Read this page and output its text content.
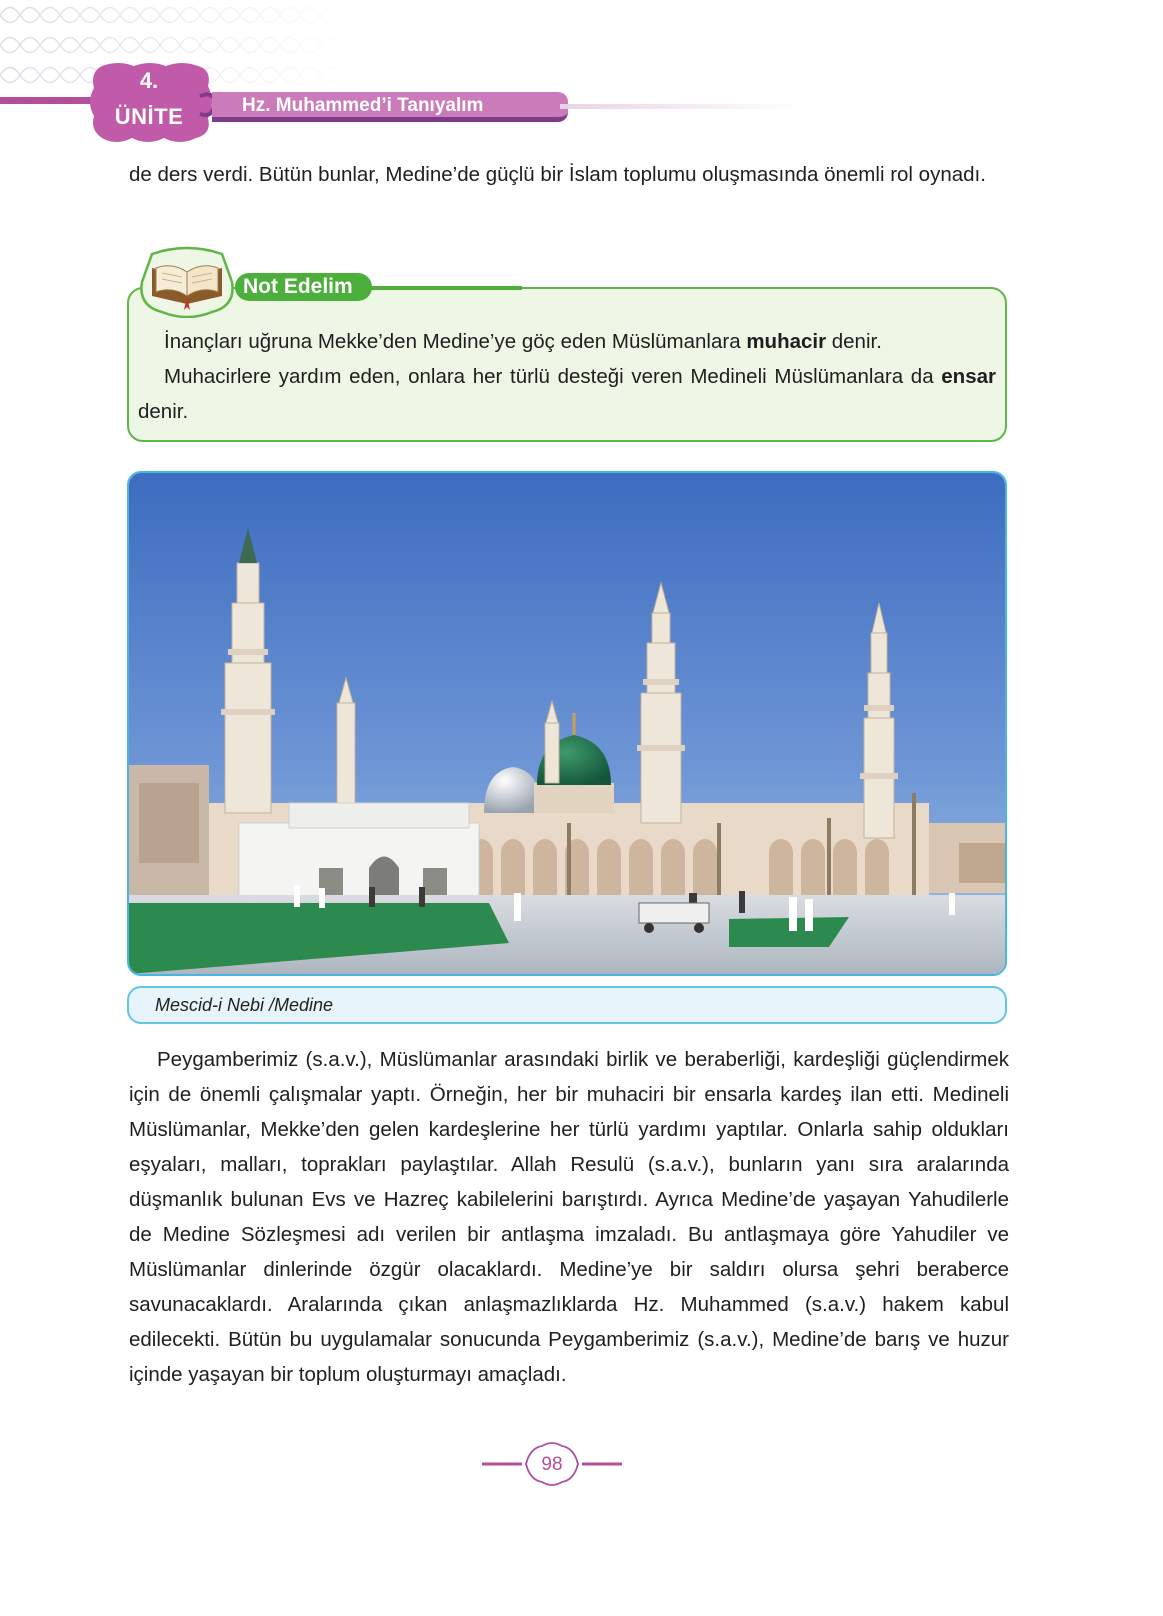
4.
ÜNİTE	Hz. Muhammed’i Tanıyalım

de ders verdi. Bütün bunlar, Medine’de güçlü bir İslam toplumu oluşmasında önemli rol oynadı.

Not Edelim

İnançları uğruna Mekke’den Medine’ye göç eden Müslümanlara muhacir denir.
Muhacirlere yardım eden, onlara her türlü desteği veren Medineli Müslümanlara da ensar denir.

Mescid-i Nebi /Medine

Peygamberimiz (s.a.v.), Müslümanlar arasındaki birlik ve beraberliği, kardeşliği güçlendirmek için de önemli çalışmalar yaptı. Örneğin, her bir muhaciri bir ensarla kardeş ilan etti. Medineli Müslümanlar, Mekke’den gelen kardeşlerine her türlü yardımı yaptılar. Onlarla sahip oldukları eşyaları, malları, toprakları paylaştılar. Allah Resulü (s.a.v.), bunların yanı sıra aralarında düşmanlık bulunan Evs ve Hazreç kabilelerini barıştırdı. Ayrıca Medine’de yaşayan Yahudilerle de Medine Sözleşmesi adı verilen bir antlaşma imzaladı. Bu antlaşmaya göre Yahudiler ve Müslümanlar dinlerinde özgür olacaklardı. Medine’ye bir saldırı olursa şehri beraberce savunacaklardı. Aralarında çıkan anlaşmazlıklarda Hz. Muhammed (s.a.v.) hakem kabul edilecekti. Bütün bu uygulamalar sonucunda Peygamberimiz (s.a.v.), Medine’de barış ve huzur içinde yaşayan bir toplum oluşturmayı amaçladı.

98
